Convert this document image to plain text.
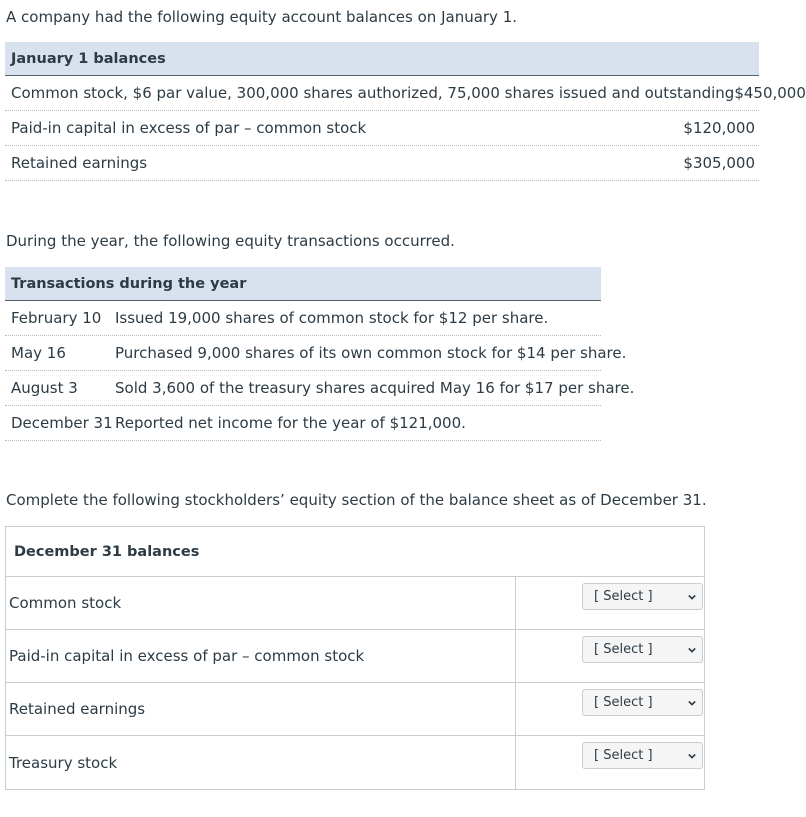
A company had the following equity account balances on January 1.
January 1 balances
Common stock, $6 par value, 300,000 shares authorized, 75,000 shares issued and outstanding $450,000
Paid-in capital in excess of par – common stock	$120,000
Retained earnings	$305,000
During the year, the following equity transactions occurred.
Transactions during the year
February 10 Issued 19,000 shares of common stock for $12 per share.
May 16	Purchased 9,000 shares of its own common stock for $14 per share.
August 3	Sold 3,600 of the treasury shares acquired May 16 for $17 per share.
December 31 Reported net income for the year of $121,000.
Complete the following stockholders’ equity section of the balance sheet as of December 31.
December 31 balances
Common stock	[ Select ]
Paid-in capital in excess of par – common stock	[ Select ]
Retained earnings	[ Select ]
Treasury stock	[ Select ]
